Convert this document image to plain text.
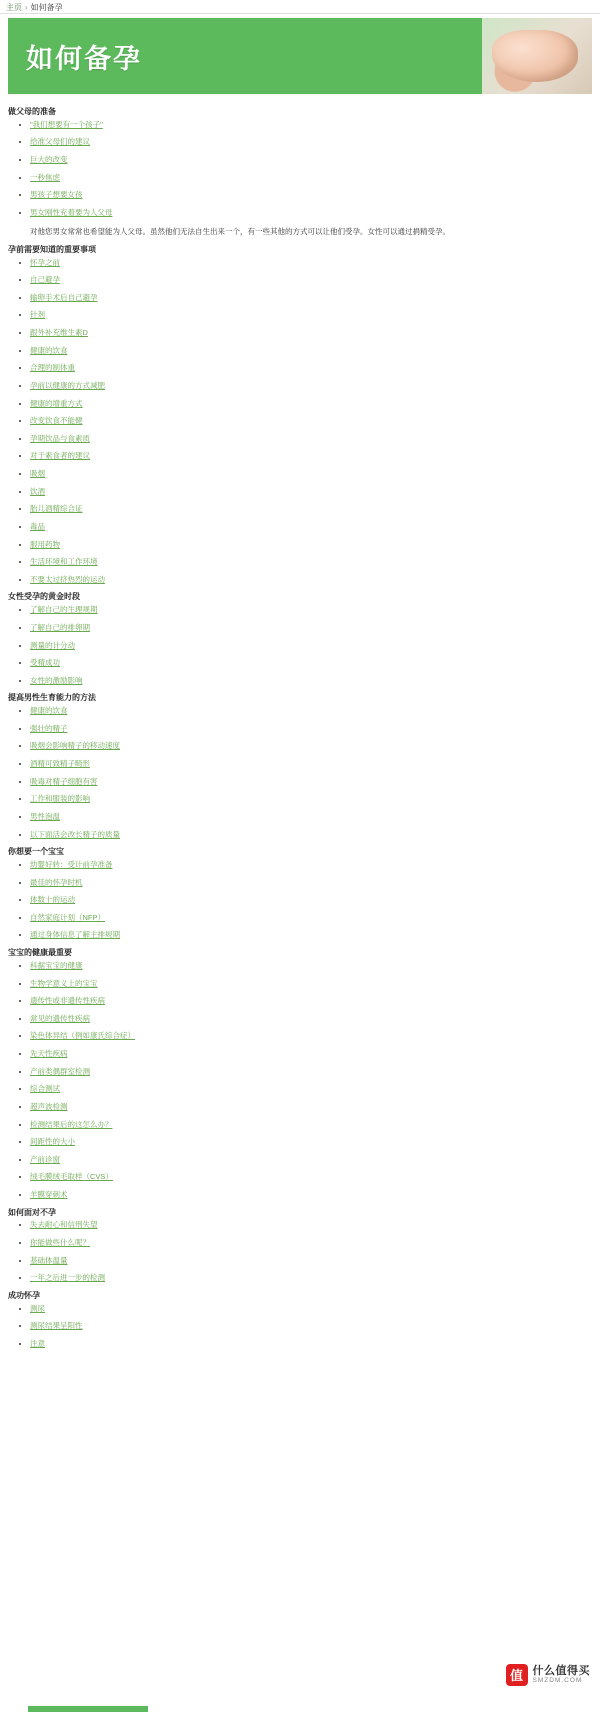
主页 › 如何备孕
如何备孕
做父母的准备
• "我们想要有一个孩子"
• 给准父母们的建议
• 巨大的改变
• 一秒焦虑
• 男孩子想要女孩
• 男女刚性充着要为人父母

对他您男女常常也希望能为人父母。虽然他们无法自生出来一个，有一些其他的方式可以让他们受孕。女性可以通过捐精受孕。

孕前需要知道的重要事项
• 怀孕之前
• 自己避孕
• 输卵手术后自己避孕
• 针剂
• 跟外补充维生素D
• 健康的饮食
• 合理的制体重
• 孕前以健康的方式减肥
• 健康的增重方式
• 改变饮食不能健
• 孕期饮品与食素质
• 对于素食者的建议
• 吸烟
• 饮酒
• 胎儿酒精综合证
• 毒品
• 服用药物
• 生活环境和工作环境
• 不要太过挤热烈的运动
女性受孕的黄金时段
• 了解自己的生理规期
• 了解自己的排卵期
• 测量的计分动
• 受精成功
• 女性的激励影响
提高男性生育能力的方法
• 健康的饮食
• 强壮的精子
• 吸烟会影响精子的移动速度
• 酒精可致精子畸形
• 吸毒对精子细胞有害
• 工作和服装的影响
• 男性泡温
• 以下面活会改长精子的质量
你想要一个宝宝
• 幼婴好转：受计前孕准备
• 最佳的怀孕时机
• 体数十的运动
• 自然家庭计划（NFP）
• 通过身体信息了解主排规期
宝宝的健康最重要
• 科据宝宝的健康
• 生物学意义上的宝宝
• 遗传性或非遗传性疾病
• 常见的遗传性疾病
• 染色体异结（例如康氏综合症）
• 先天性疾病
• 产前类偶群室检测
• 综合测试
• 超声波检测
• 检测结果后的这怎么办？
• 间距性的大小
• 产前诊窗
• 绒毛膜绒毛取样（CVS）
• 羊膜穿刺术
如何面对不孕
• 失去耐心和信刑失望
• 你能做些什么呢？
• 基础体温量
• 一年之后进一步的检测
成功怀孕
• 测尿
• 测尿结果呈阳性
• 注意
值 什么值得买
SMZDM.COM
